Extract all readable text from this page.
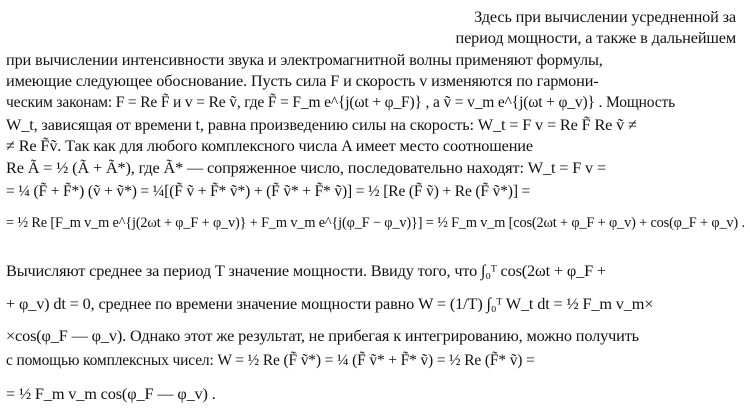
Здесь при вычислении усредненной за
период мощности, а также в дальнейшем
при вычислении интенсивности звука и электромагнитной волны применяют формулы,
имеющие следующее обоснование. Пусть сила F и скорость v изменяются по гармони-
ческим законам: F = Re F̃ и v = Re ṽ, где F̃ = F_m e^{j(ωt + φ_F)} , а ṽ = v_m e^{j(ωt + φ_v)} . Мощность
W_t, зависящая от времени t, равна произведению силы на скорость: W_t = F v = Re F̃ Re ṽ ≠
≠ Re F̃ṽ. Так как для любого комплексного числа A имеет место соотношение
Re Ã = ½ (Ã + Ã*), где Ã* — сопряженное число, последовательно находят: W_t = F v =
= ¼ (F̃ + F̃*) (ṽ + ṽ*) = ¼[(F̃ ṽ + F̃* ṽ*) + (F̃ ṽ* + F̃* ṽ)] = ½ [Re (F̃ ṽ) + Re (F̃ ṽ*)] =
= ½ Re [F_m v_m e^{j(2ωt + φ_F + φ_v)} + F_m v_m e^{j(φ_F − φ_v)}] = ½ F_m v_m [cos(2ωt + φ_F + φ_v) + cos(φ_F + φ_v) .
Вычисляют среднее за период T значение мощности. Ввиду того, что ∫₀ᵀ cos(2ωt + φ_F +
+ φ_v) dt = 0, среднее по времени значение мощности равно W = (1/T) ∫₀ᵀ W_t dt = ½ F_m v_m×
×cos(φ_F — φ_v). Однако этот же результат, не прибегая к интегрированию, можно получить
с помощью комплексных чисел: W = ½ Re (F̃ ṽ*) = ¼ (F̃ ṽ* + F̃* ṽ) = ½ Re (F̃* ṽ) =
= ½ F_m v_m cos(φ_F — φ_v) .
